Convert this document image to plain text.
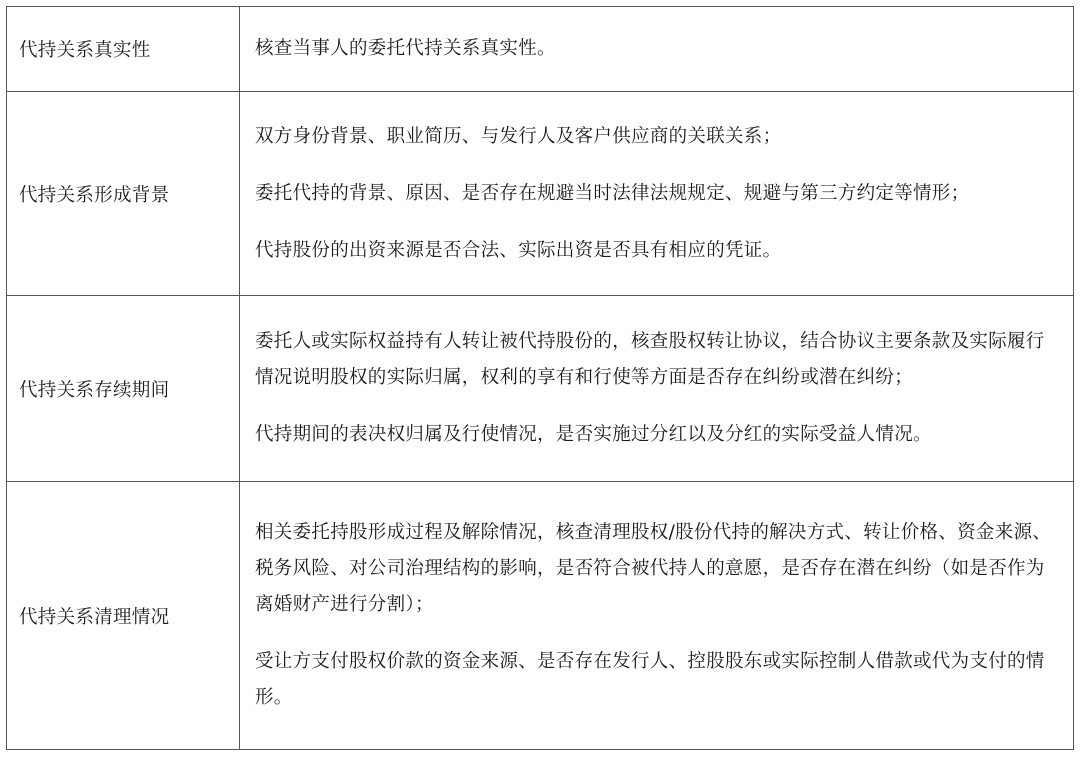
代持关系真实性	核查当事人的委托代持关系真实性。

代持关系形成背景	双方身份背景、职业简历、与发行人及客户供应商的关联关系；

委托代持的背景、原因、是否存在规避当时法律法规规定、规避与第三方约定等情形；

代持股份的出资来源是否合法、实际出资是否具有相应的凭证。

代持关系存续期间	委托人或实际权益持有人转让被代持股份的，核查股权转让协议，结合协议主要条款及实际履行情况说明股权的实际归属，权利的享有和行使等方面是否存在纠纷或潜在纠纷；

代持期间的表决权归属及行使情况，是否实施过分红以及分红的实际受益人情况。

代持关系清理情况	相关委托持股形成过程及解除情况，核查清理股权/股份代持的解决方式、转让价格、资金来源、税务风险、对公司治理结构的影响，是否符合被代持人的意愿，是否存在潜在纠纷（如是否作为离婚财产进行分割）；

受让方支付股权价款的资金来源、是否存在发行人、控股股东或实际控制人借款或代为支付的情形。
